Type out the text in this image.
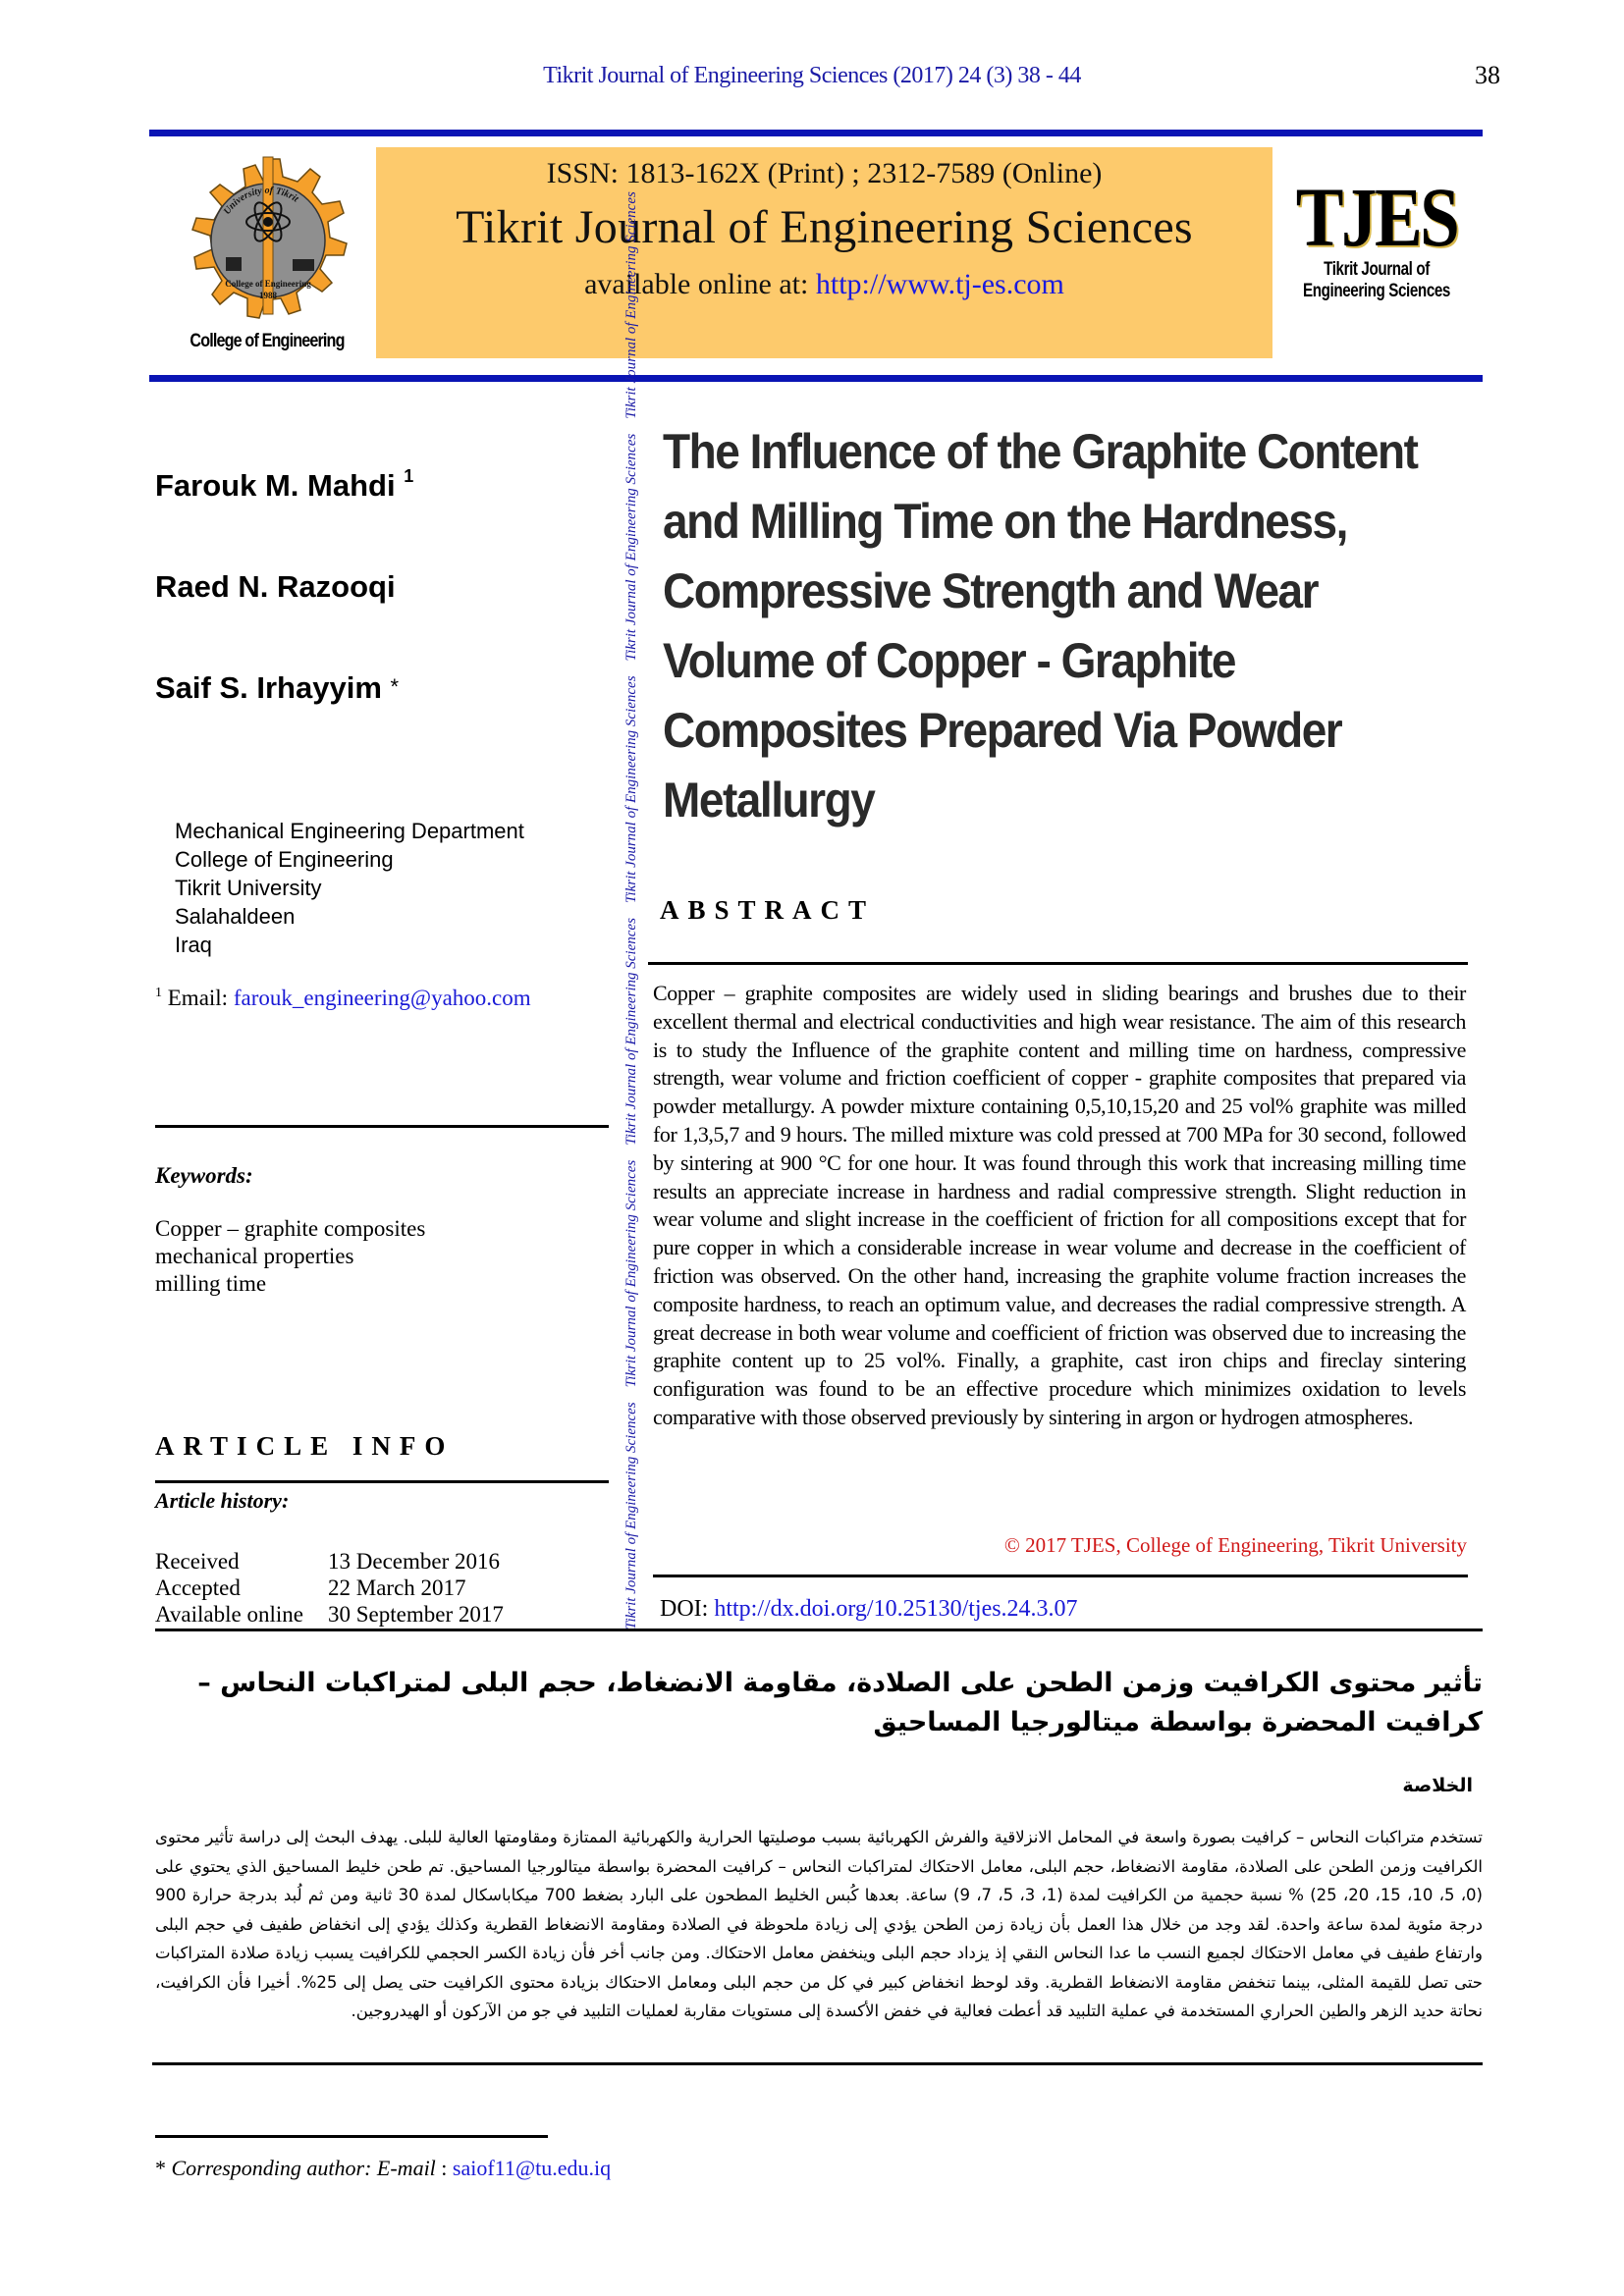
Tikrit Journal of Engineering Sciences (2017) 24 (3) 38 - 44	38
College of Engineering
1988
University of Tikrit
College of Engineering
ISSN: 1813-162X (Print) ; 2312-7589 (Online)
Tikrit Journal of Engineering Sciences
available online at: http://www.tj-es.com
TJES
Tikrit Journal of
Engineering Sciences
Farouk M. Mahdi $^1$
Raed N. Razooqi
Saif S. Irhayyim *
Mechanical Engineering Department
College of Engineering
Tikrit University
Salahaldeen
Iraq
$^1$ Email: farouk_engineering@yahoo.com
Keywords:
Copper – graphite composites
mechanical properties
milling time
ARTICLE INFO
Article history:
Received	13 December 2016
Accepted	22 March 2017
Available online	30 September 2017	Tikrit Journal of Engineering Sciences    Tikrit Journal of Engineering Sciences    Tikrit Journal of Engineering Sciences    Tikrit Journal of Engineering Sciences    Tikrit Journal of Engineering Sciences    Tikrit Journal of Engineering Sciences
The Influence of the Graphite Content and Milling Time on the Hardness, Compressive Strength and Wear Volume of Copper - Graphite Composites Prepared Via Powder Metallurgy
ABSTRACT
Copper – graphite composites are widely used in sliding bearings and brushes due to their excellent thermal and electrical conductivities and high wear resistance. The aim of this research is to study the Influence of the graphite content and milling time on hardness, compressive strength, wear volume and friction coefficient of copper - graphite composites that prepared via powder metallurgy. A powder mixture containing 0,5,10,15,20 and 25 vol% graphite was milled for 1,3,5,7 and 9 hours. The milled mixture was cold pressed at 700 MPa for 30 second, followed by sintering at 900 °C for one hour. It was found through this work that increasing milling time results an appreciate increase in hardness and radial compressive strength. Slight reduction in wear volume and slight increase in the coefficient of friction for all compositions except that for pure copper in which a considerable increase in wear volume and decrease in the coefficient of friction was observed. On the other hand, increasing the graphite volume fraction increases the composite hardness, to reach an optimum value, and decreases the radial compressive strength. A great decrease in both wear volume and coefficient of friction was observed due to increasing the graphite content up to 25 vol%. Finally, a graphite, cast iron chips and fireclay sintering configuration was found to be an effective procedure which minimizes oxidation to levels comparative with those observed previously by sintering in argon or hydrogen atmospheres.
© 2017 TJES, College of Engineering, Tikrit University
DOI: http://dx.doi.org/10.25130/tjes.24.3.07
تأثير محتوى الكرافيت وزمن الطحن على الصلادة، مقاومة الانضغاط، حجم البلى لمتراكبات النحاس – كرافيت المحضرة بواسطة ميتالورجيا المساحيق
الخلاصة
تستخدم متراكبات النحاس – كرافيت بصورة واسعة في المحامل الانزلاقية والفرش الكهربائية بسبب موصليتها الحرارية والكهربائية الممتازة ومقاومتها العالية للبلى. يهدف البحث إلى دراسة تأثير محتوى الكرافيت وزمن الطحن على الصلادة، مقاومة الانضغاط، حجم البلى، معامل الاحتكاك لمتراكبات النحاس – كرافيت المحضرة بواسطة ميتالورجيا المساحيق. تم طحن خليط المساحيق الذي يحتوي على (0، 5، 10، 15، 20، 25) % نسبة حجمية من الكرافيت لمدة (1، 3، 5، 7، 9) ساعة. بعدها كُبس الخليط المطحون على البارد بضغط 700 ميكاباسكال لمدة 30 ثانية ومن ثم لُبد بدرجة حرارة 900 درجة مئوية لمدة ساعة واحدة. لقد وجد من خلال هذا العمل بأن زيادة زمن الطحن يؤدي إلى زيادة ملحوظة في الصلادة ومقاومة الانضغاط القطرية وكذلك يؤدي إلى انخفاض طفيف في حجم البلى وارتفاع طفيف في معامل الاحتكاك لجميع النسب ما عدا النحاس النقي إذ يزداد حجم البلى وينخفض معامل الاحتكاك. ومن جانب أخر فأن زيادة الكسر الحجمي للكرافيت يسبب زيادة صلادة المتراكبات حتى تصل للقيمة المثلى، بينما تنخفض مقاومة الانضغاط القطرية. وقد لوحظ انخفاض كبير في كل من حجم البلى ومعامل الاحتكاك بزيادة محتوى الكرافيت حتى يصل إلى 25%. أخيرا فأن الكرافيت، نحاتة حديد الزهر والطين الحراري المستخدمة في عملية التلبيد قد أعطت فعالية في خفض الأكسدة إلى مستويات مقاربة لعمليات التلبيد في جو من الآركون أو الهيدروجين.
* Corresponding author: E-mail : saiof11@tu.edu.iq
